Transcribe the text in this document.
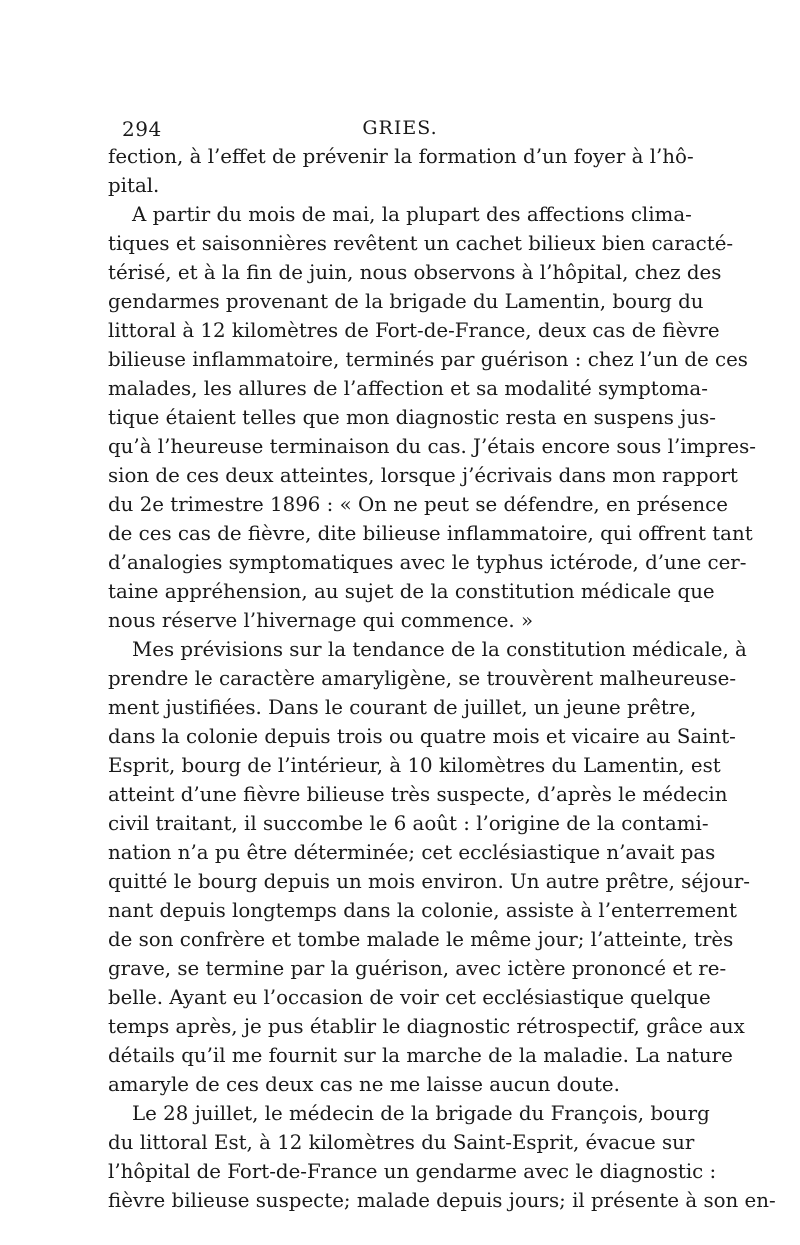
294	GRIES.

fection, à l’effet de prévenir la formation d’un foyer à l’hô-
pital.

A partir du mois de mai, la plupart des affections clima-
tiques et saisonnières revêtent un cachet bilieux bien caracté-
térisé, et à la fin de juin, nous observons à l’hôpital, chez des
gendarmes provenant de la brigade du Lamentin, bourg du
littoral à 12 kilomètres de Fort-de-France, deux cas de fièvre
bilieuse inflammatoire, terminés par guérison : chez l’un de ces
malades, les allures de l’affection et sa modalité symptoma-
tique étaient telles que mon diagnostic resta en suspens jus-
qu’à l’heureuse terminaison du cas. J’étais encore sous l’impres-
sion de ces deux atteintes, lorsque j’écrivais dans mon rapport
du 2e trimestre 1896 : « On ne peut se défendre, en présence
de ces cas de fièvre, dite bilieuse inflammatoire, qui offrent tant
d’analogies symptomatiques avec le typhus ictérode, d’une cer-
taine appréhension, au sujet de la constitution médicale que
nous réserve l’hivernage qui commence. »

Mes prévisions sur la tendance de la constitution médicale, à
prendre le caractère amaryligène, se trouvèrent malheureuse-
ment justifiées. Dans le courant de juillet, un jeune prêtre,
dans la colonie depuis trois ou quatre mois et vicaire au Saint-
Esprit, bourg de l’intérieur, à 10 kilomètres du Lamentin, est
atteint d’une fièvre bilieuse très suspecte, d’après le médecin
civil traitant, il succombe le 6 août : l’origine de la contami-
nation n’a pu être déterminée; cet ecclésiastique n’avait pas
quitté le bourg depuis un mois environ. Un autre prêtre, séjour-
nant depuis longtemps dans la colonie, assiste à l’enterrement
de son confrère et tombe malade le même jour; l’atteinte, très
grave, se termine par la guérison, avec ictère prononcé et re-
belle. Ayant eu l’occasion de voir cet ecclésiastique quelque
temps après, je pus établir le diagnostic rétrospectif, grâce aux
détails qu’il me fournit sur la marche de la maladie. La nature
amaryle de ces deux cas ne me laisse aucun doute.

Le 28 juillet, le médecin de la brigade du François, bourg
du littoral Est, à 12 kilomètres du Saint-Esprit, évacue sur
l’hôpital de Fort-de-France un gendarme avec le diagnostic :
fièvre bilieuse suspecte; malade depuis jours; il présente à son en-
